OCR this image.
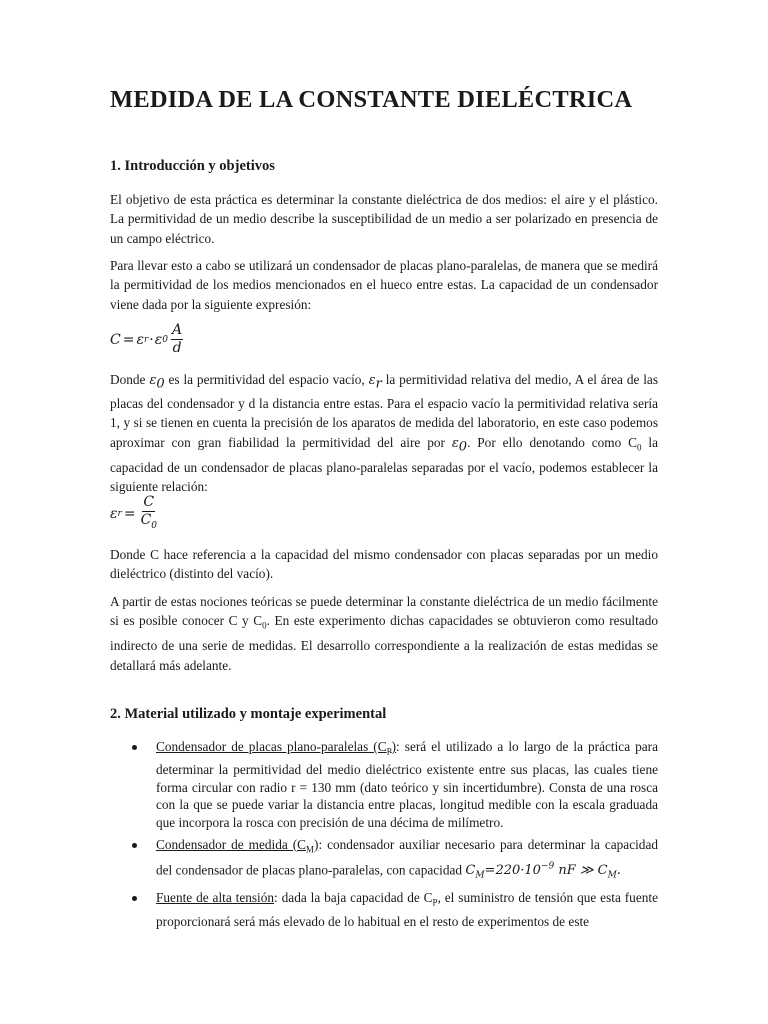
MEDIDA DE LA CONSTANTE DIELÉCTRICA
1. Introducción y objetivos

El objetivo de esta práctica es determinar la constante dieléctrica de dos medios: el aire y el plástico. La permitividad de un medio describe la susceptibilidad de un medio a ser polarizado en presencia de un campo eléctrico.

Para llevar esto a cabo se utilizará un condensador de placas plano-paralelas, de manera que se medirá la permitividad de los medios mencionados en el hueco entre estas. La capacidad de un condensador viene dada por la siguiente expresión:

C = ε r · ε $0 \frac{A}{d}$

Donde $\varepsilon_0$ es la permitividad del espacio vacío, $\varepsilon_r$ la permitividad relativa del medio, A el área de las placas del condensador y d la distancia entre estas. Para el espacio vacío la permitividad relativa sería 1, y si se tienen en cuenta la precisión de los aparatos de medida del laboratorio, en este caso podemos aproximar con gran fiabilidad la permitividad del aire por $\varepsilon_0$. Por ello denotando como $C_0$ la capacidad de un condensador de placas plano-paralelas separadas por el vacío, podemos establecer la siguiente relación:

ε $r = \frac{C}{C_0}$

Donde C hace referencia a la capacidad del mismo condensador con placas separadas por un medio dieléctrico (distinto del vacío).

A partir de estas nociones teóricas se puede determinar la constante dieléctrica de un medio fácilmente si es posible conocer C y $C_0$. En este experimento dichas capacidades se obtuvieron como resultado indirecto de una serie de medidas. El desarrollo correspondiente a la realización de estas medidas se detallará más adelante.

2. Material utilizado y montaje experimental
Condensador de placas plano-paralelas $(C_P)$: será el utilizado a lo largo de la práctica para determinar la permitividad del medio dieléctrico existente entre sus placas, las cuales tiene forma circular con radio r = 130 mm (dato teórico y sin incertidumbre). Consta de una rosca con la que se puede variar la distancia entre placas, longitud medible con la escala graduada que incorpora la rosca con precisión de una décima de milímetro.
Condensador de medida $(C_M)$: condensador auxiliar necesario para determinar la capacidad del condensador de placas plano-paralelas, con capacidad $C_M=220\cdot 10^{-9}$ nF ≫ $C_M$.
Fuente de alta tensión: dada la baja capacidad de $C_P$, el suministro de tensión que esta fuente proporcionará será más elevado de lo habitual en el resto de experimentos de este
